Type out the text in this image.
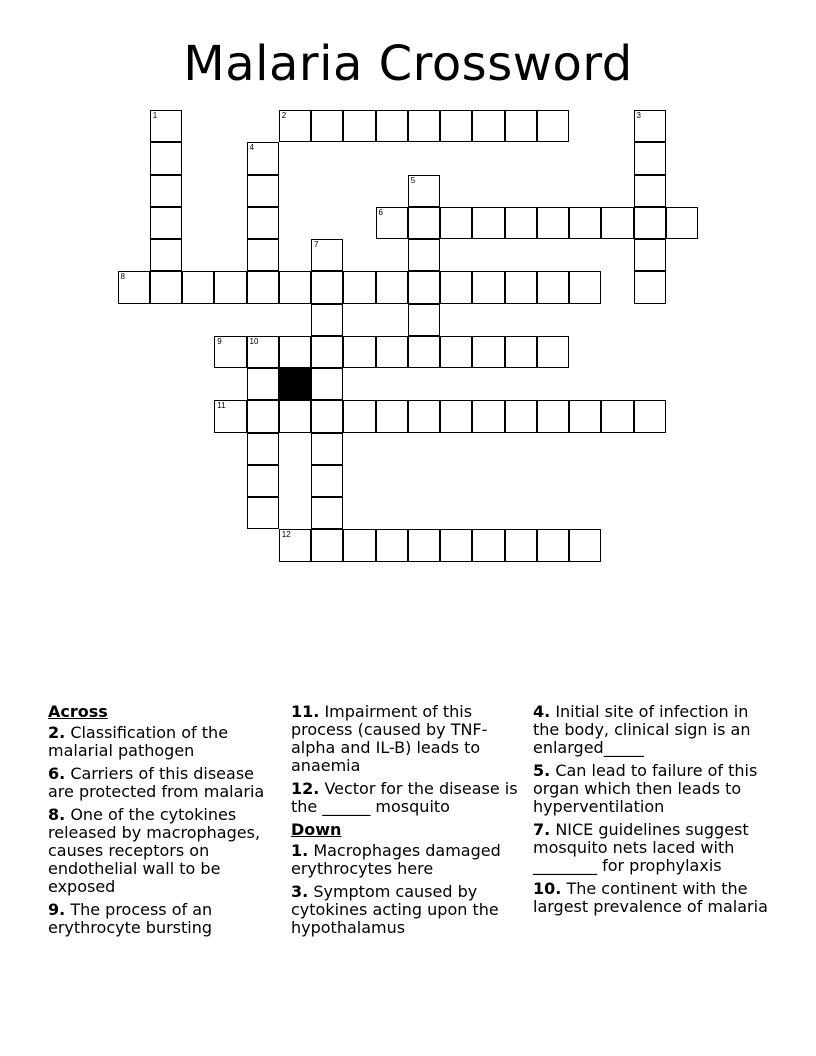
Malaria Crossword
1	2	3
4
5
6
7
8
9	10
11
12
Across
2. Classification of the malarial pathogen
6. Carriers of this disease are protected from malaria
8. One of the cytokines released by macrophages, causes receptors on endothelial wall to be exposed
9. The process of an erythrocyte bursting
11. Impairment of this process (caused by TNF-alpha and IL-B) leads to anaemia
12. Vector for the disease is the ______ mosquito
Down
1. Macrophages damaged erythrocytes here
3. Symptom caused by cytokines acting upon the hypothalamus
4. Initial site of infection in the body, clinical sign is an enlarged_____
5. Can lead to failure of this organ which then leads to hyperventilation
7. NICE guidelines suggest mosquito nets laced with ________ for prophylaxis
10. The continent with the largest prevalence of malaria
